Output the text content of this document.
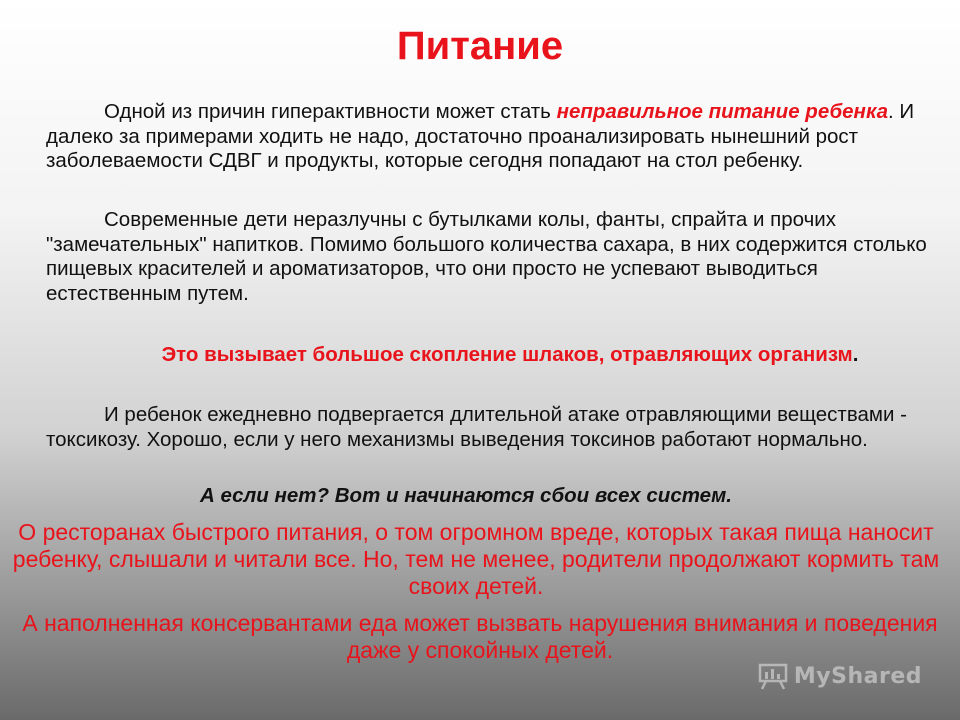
Питание
Одной из причин гиперактивности может стать неправильное питание ребенка. И далеко за примерами ходить не надо, достаточно проанализировать нынешний рост заболеваемости СДВГ и продукты, которые сегодня попадают на стол ребенку.
Современные дети неразлучны с бутылками колы, фанты, спрайта и прочих "замечательных" напитков. Помимо большого количества сахара, в них содержится столько пищевых красителей и ароматизаторов, что они просто не успевают выводиться естественным путем.
Это вызывает большое скопление шлаков, отравляющих организм.
И ребенок ежедневно подвергается длительной атаке отравляющими веществами - токсикозу. Хорошо, если у него механизмы выведения токсинов работают нормально.
А если нет? Вот и начинаются сбои всех систем.
О ресторанах быстрого питания, о том огромном вреде, которых такая пища наносит ребенку, слышали и читали все. Но, тем не менее, родители продолжают кормить там своих детей.
А наполненная консервантами еда может вызвать нарушения внимания и поведения даже у спокойных детей.
MyShared
